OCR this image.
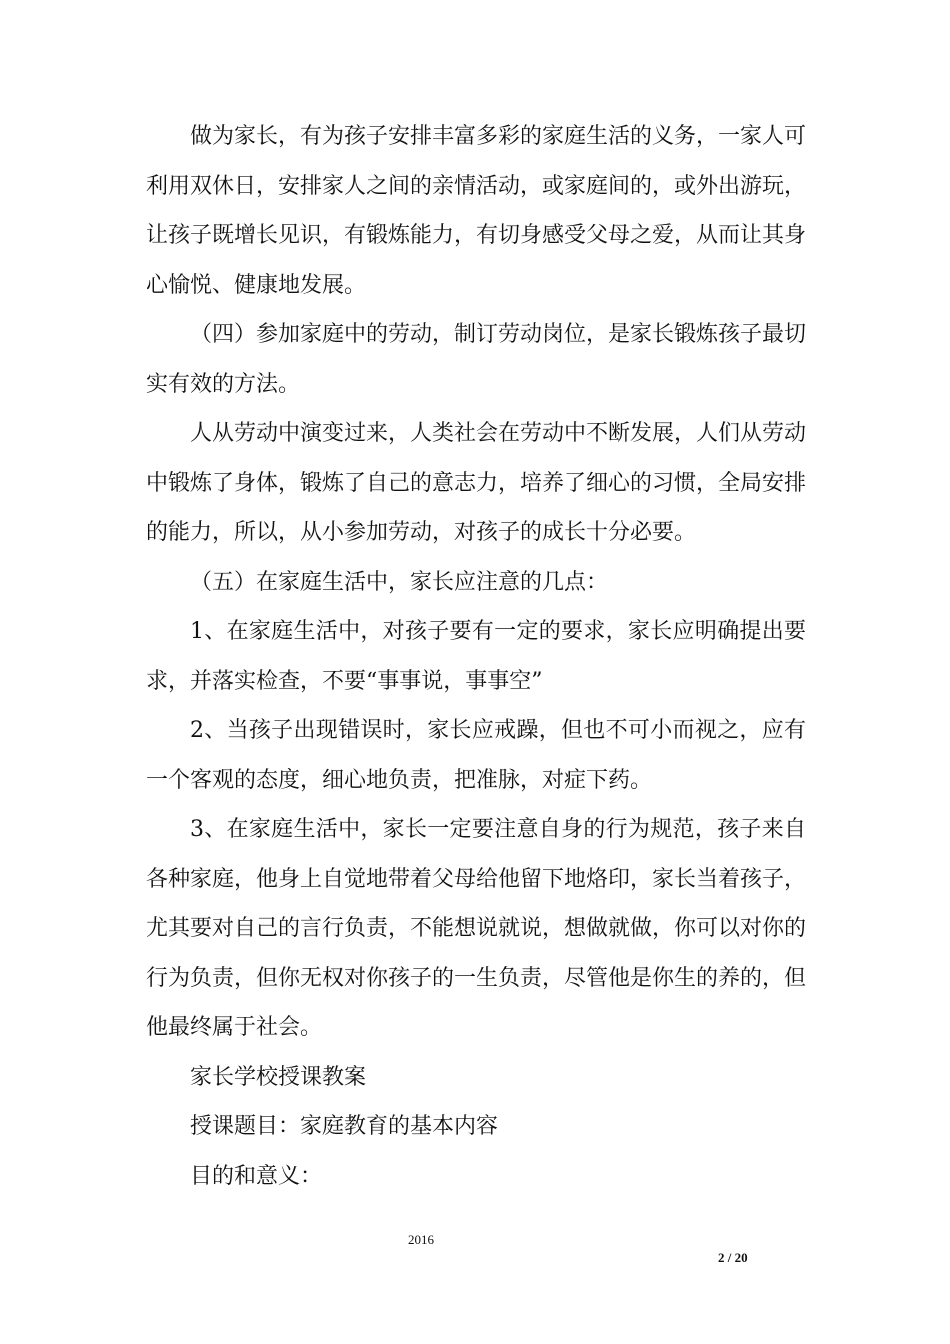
做为家长，有为孩子安排丰富多彩的家庭生活的义务，一家人可利用双休日，安排家人之间的亲情活动，或家庭间的，或外出游玩，让孩子既增长见识，有锻炼能力，有切身感受父母之爱，从而让其身心愉悦、健康地发展。

（四）参加家庭中的劳动，制订劳动岗位，是家长锻炼孩子最切实有效的方法。

人从劳动中演变过来，人类社会在劳动中不断发展，人们从劳动中锻炼了身体，锻炼了自己的意志力，培养了细心的习惯，全局安排的能力，所以，从小参加劳动，对孩子的成长十分必要。

（五）在家庭生活中，家长应注意的几点：

1、在家庭生活中，对孩子要有一定的要求，家长应明确提出要求，并落实检查，不要“事事说，事事空”

2、当孩子出现错误时，家长应戒躁，但也不可小而视之，应有一个客观的态度，细心地负责，把准脉，对症下药。

3、在家庭生活中，家长一定要注意自身的行为规范，孩子来自各种家庭，他身上自觉地带着父母给他留下地烙印，家长当着孩子，尤其要对自己的言行负责，不能想说就说，想做就做，你可以对你的行为负责，但你无权对你孩子的一生负责，尽管他是你生的养的，但他最终属于社会。

家长学校授课教案

授课题目：家庭教育的基本内容

目的和意义：

2016
2 / 20
